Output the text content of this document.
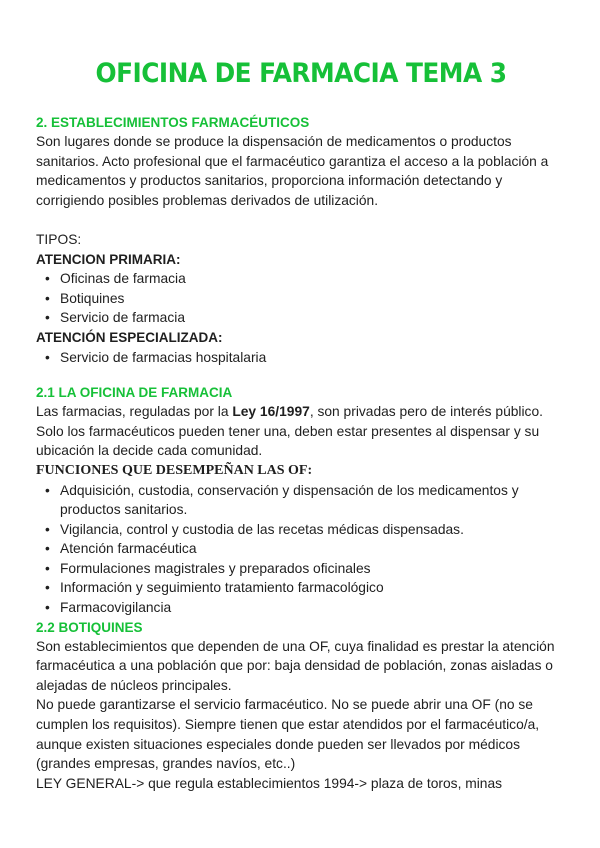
OFICINA DE FARMACIA TEMA 3
2. ESTABLECIMIENTOS FARMACÉUTICOS

Son lugares donde se produce la dispensación de medicamentos o productos sanitarios. Acto profesional que el farmacéutico garantiza el acceso a la población a medicamentos y productos sanitarios, proporciona información detectando y corrigiendo posibles problemas derivados de utilización.

TIPOS:

ATENCION PRIMARIA:

• Oficinas de farmacia
• Botiquines
• Servicio de farmacia

ATENCIÓN ESPECIALIZADA:

• Servicio de farmacias hospitalaria
2.1 LA OFICINA DE FARMACIA

Las farmacias, reguladas por la Ley 16/1997, son privadas pero de interés público. Solo los farmacéuticos pueden tener una, deben estar presentes al dispensar y su ubicación la decide cada comunidad.

FUNCIONES QUE DESEMPEÑAN LAS OF:

• Adquisición, custodia, conservación y dispensación de los medicamentos y productos sanitarios.
• Vigilancia, control y custodia de las recetas médicas dispensadas.
• Atención farmacéutica
• Formulaciones magistrales y preparados oficinales
• Información y seguimiento tratamiento farmacológico
• Farmacovigilancia
2.2 BOTIQUINES

Son establecimientos que dependen de una OF, cuya finalidad es prestar la atención farmacéutica a una población que por: baja densidad de población, zonas aisladas o alejadas de núcleos principales.

No puede garantizarse el servicio farmacéutico. No se puede abrir una OF (no se cumplen los requisitos). Siempre tienen que estar atendidos por el farmacéutico/a, aunque existen situaciones especiales donde pueden ser llevados por médicos (grandes empresas, grandes navíos, etc..)

LEY GENERAL-> que regula establecimientos 1994-> plaza de toros, minas
